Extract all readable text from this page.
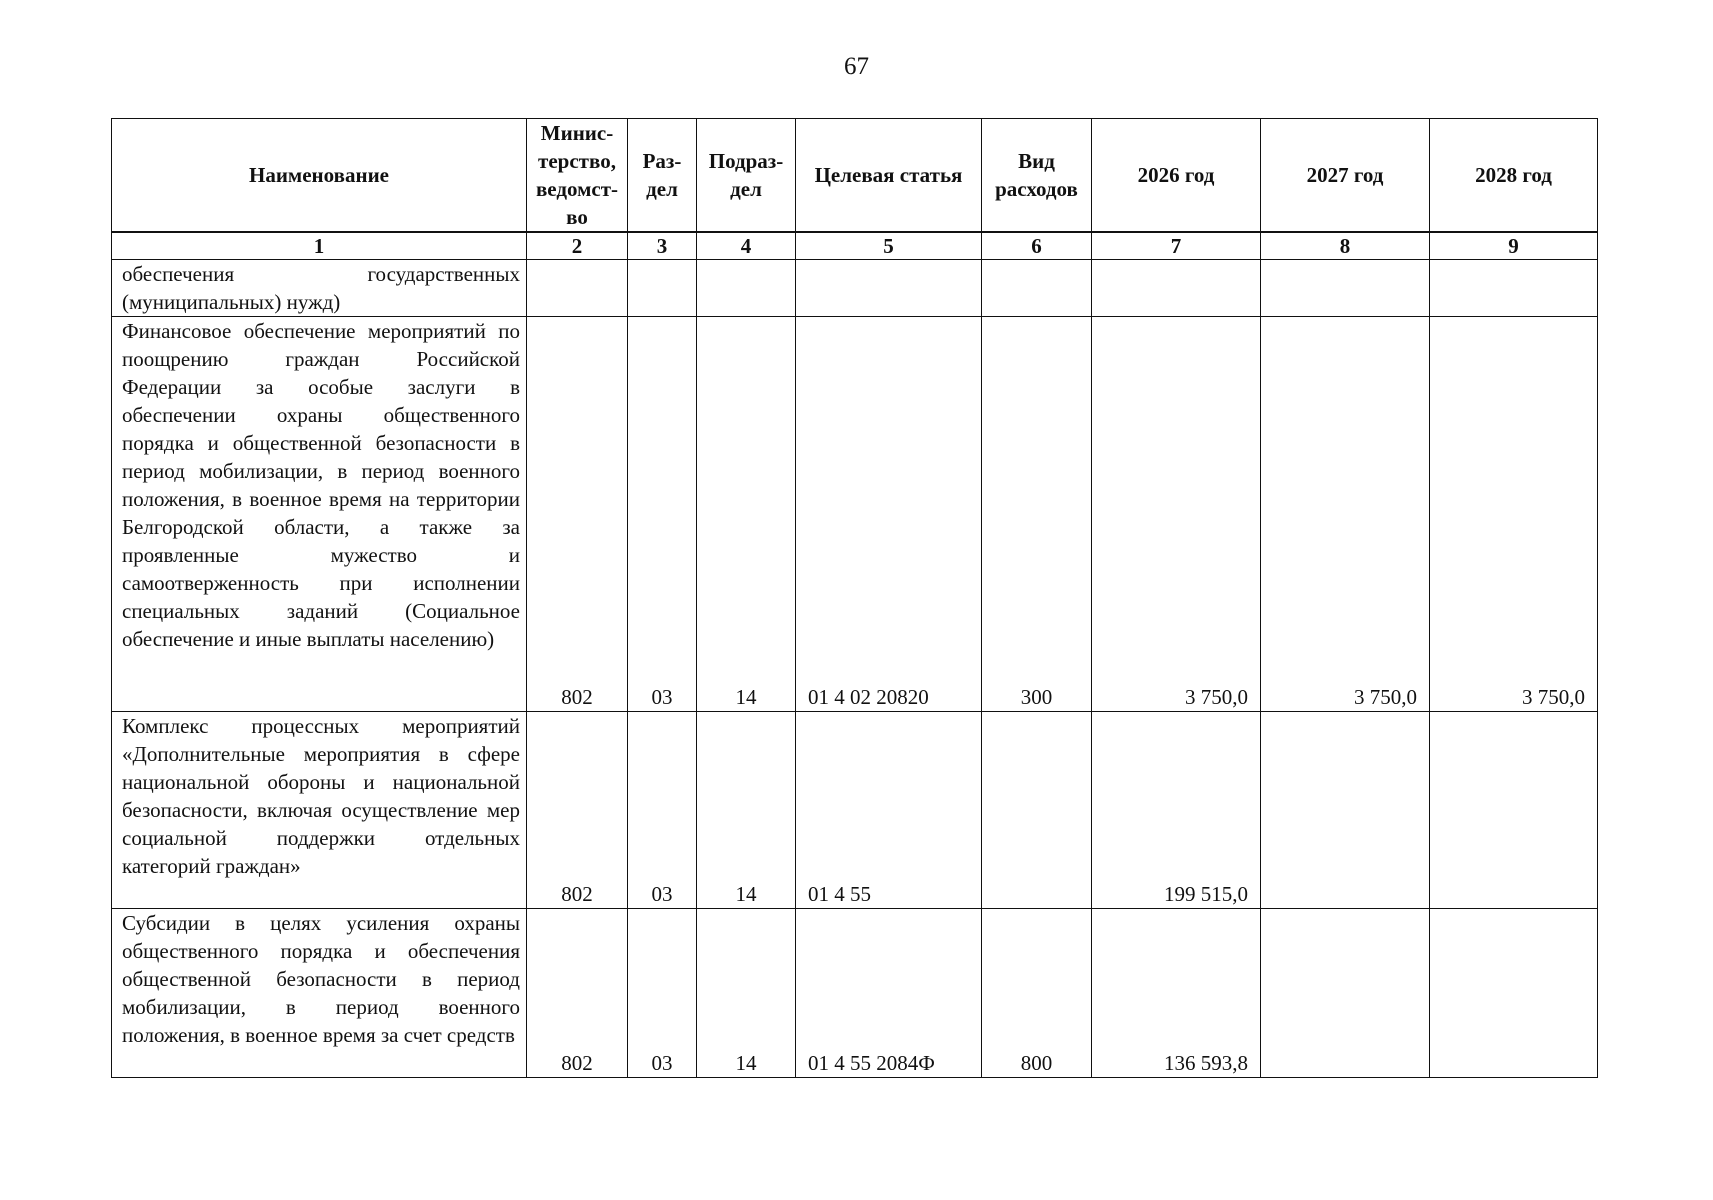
67
Наименование	Минис-терство, ведомст-во	Раз-дел	Подраз-дел	Целевая статья	Вид расходов	2026 год	2027 год	2028 год
1	2	3	4	5	6	7	8	9
обеспечения государственных (муниципальных) нужд)								
Финансовое обеспечение мероприятий по поощрению граждан Российской Федерации за особые заслуги в обеспечении охраны общественного порядка и общественной безопасности в период мобилизации, в период военного положения, в военное время на территории Белгородской области, а также за проявленные мужество и самоотверженность при исполнении специальных заданий (Социальное обеспечение и иные выплаты населению)	802	03	14	01 4 02 20820	300	3 750,0	3 750,0	3 750,0
Комплекс процессных мероприятий «Дополнительные мероприятия в сфере национальной обороны и национальной безопасности, включая осуществление мер социальной поддержки отдельных категорий граждан»	802	03	14	01 4 55		199 515,0		
Субсидии в целях усиления охраны общественного порядка и обеспечения общественной безопасности в период мобилизации, в период военного положения, в военное время за счет средств	802	03	14	01 4 55 2084Ф	800	136 593,8		
